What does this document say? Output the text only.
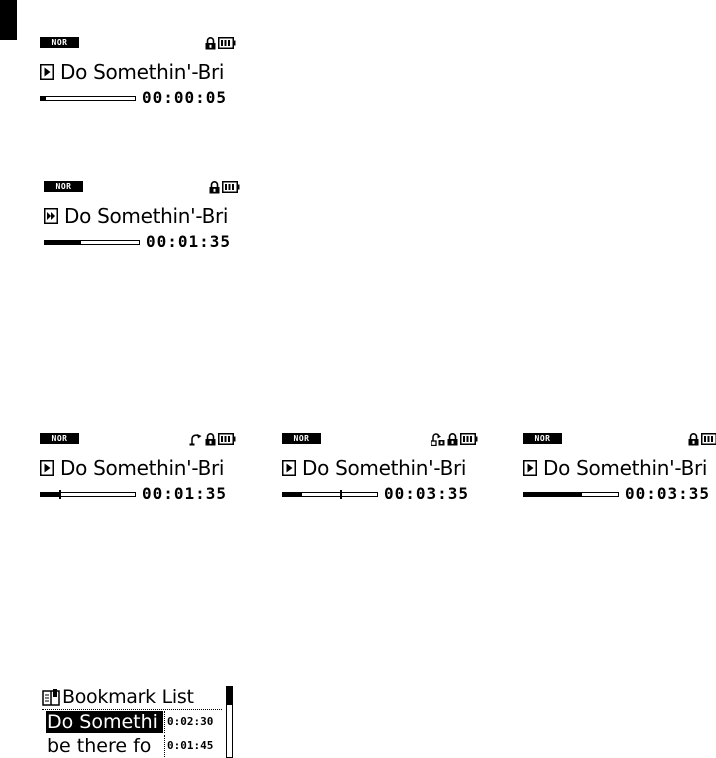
NOR
Do Somethin'-Bri
00:00:05
NOR
Do Somethin'-Bri
00:01:35
NOR
Do Somethin'-Bri
00:01:35
NOR
Do Somethin'-Bri
00:03:35
NOR
Do Somethin'-Bri
00:03:35
Bookmark List
Do Somethi 0:02:30
be there fo	0:01:45
